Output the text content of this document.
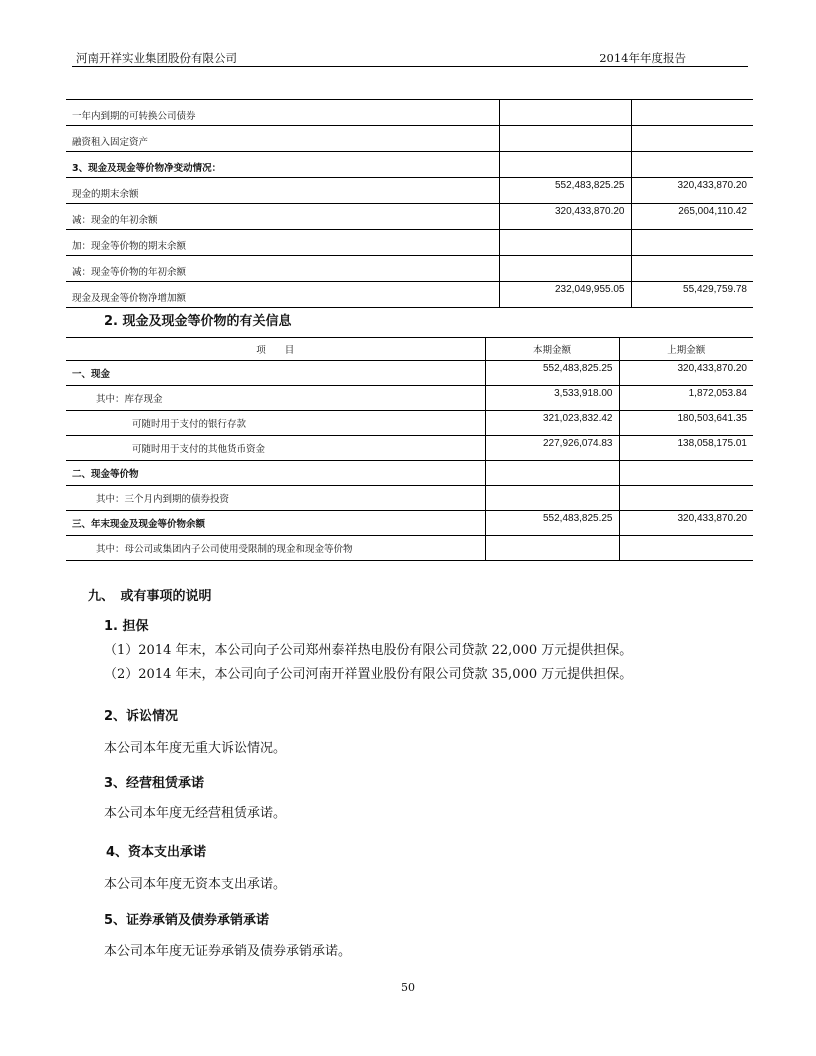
河南开祥实业集团股份有限公司	2014年年度报告
一年内到期的可转换公司债券		
融资租入固定资产		
3、现金及现金等价物净变动情况：		
现金的期末余额	552,483,825.25	320,433,870.20
减：现金的年初余额	320,433,870.20	265,004,110.42
加：现金等价物的期末余额		
减：现金等价物的年初余额		
现金及现金等价物净增加额	232,049,955.05	55,429,759.78
2. 现金及现金等价物的有关信息
项　　目	本期金额	上期金额
一、现金	552,483,825.25	320,433,870.20
其中：库存现金	3,533,918.00	1,872,053.84
可随时用于支付的银行存款	321,023,832.42	180,503,641.35
可随时用于支付的其他货币资金	227,926,074.83	138,058,175.01
二、现金等价物		
其中：三个月内到期的债券投资		
三、年末现金及现金等价物余额	552,483,825.25	320,433,870.20
其中：母公司或集团内子公司使用受限制的现金和现金等价物		
九、　或有事项的说明
1. 担保
（1）2014 年末，本公司向子公司郑州泰祥热电股份有限公司贷款 22,000 万元提供担保。
（2）2014 年末，本公司向子公司河南开祥置业股份有限公司贷款 35,000 万元提供担保。
2、诉讼情况
本公司本年度无重大诉讼情况。
3、经营租赁承诺
本公司本年度无经营租赁承诺。
4、资本支出承诺
本公司本年度无资本支出承诺。
5、证券承销及债券承销承诺
本公司本年度无证券承销及债券承销承诺。
50
